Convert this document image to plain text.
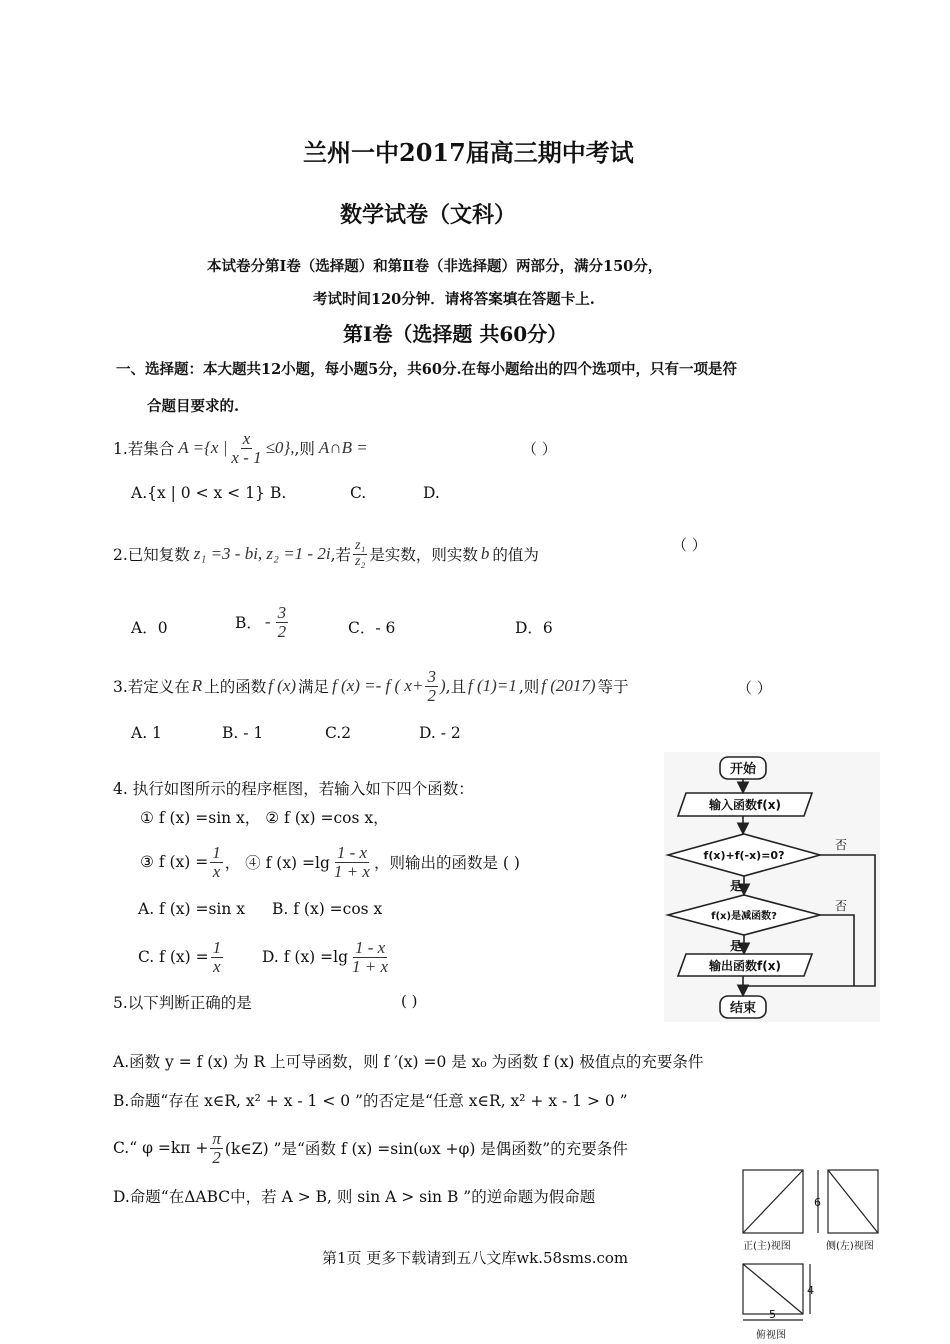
兰州一中2017届高三期中考试
数学试卷（文科）
本试卷分第Ⅰ卷（选择题）和第Ⅱ卷（非选择题）两部分，满分150分，
考试时间120分钟．请将答案填在答题卡上.
第Ⅰ卷（选择题 共60分）
一、选择题：本大题共12小题，每小题5分，共60分.在每小题给出的四个选项中，只有一项是符
合题目要求的.
1.若集合 A ={x | $\frac{x}{x - 1} \le 0$}, ,则 A∩B =	（ ）
A.{x | 0 < x < 1} B.	C.	D.
2.已知复数 z₁ =3 - bi, z₂ =1 - 2i ,若 $\frac{\text{z₁}}{\text{z₂}}$ 是实数，则实数 b 的值为
（ ）
A．0	B． - $\frac{3}{2}$	C．- 6	D．6
3.若定义在 R 上的函数 f (x) 满足 f (x) =- f ( $x+ \frac{3}{2}$ ) ,且 f (1)=1 ,则 f (2017) 等于	（ ）
A. 1	B. - 1	C.2	D. - 2
4. 执行如图所示的程序框图，若输入如下四个函数：
① f (x) =sin x， ② f (x) =cos x，
③ f $(x) = \frac{1}{x}$ ， ④ f $(x) =\lg \frac{1 - x}{1 + x}$ ，则输出的函数是 ( )
A. f (x) =sin x B. f (x) =cos x
C. f $(x) = \frac{1}{x}$	D. f $(x) =\lg \frac{1 - x}{1 + x}$
开始
输入函数f(x)
f(x)+f(-x)=0?
是
否
f(x)是减函数?
否
是
输出函数f(x)
结束
5.以下判断正确的是	( )
A.函数 y = f (x) 为 R 上可导函数，则 f ′(x) =0 是 x₀ 为函数 f (x) 极值点的充要条件
B.命题“存在 x∈R, x² + x - 1 < 0 ”的否定是“任意 x∈R, x² + x - 1 > 0 ”
C.“ $\varphi =k\pi + \frac{\pi}{2}$ (k∈Z) ”是“函数 f (x) =sin(ωx +φ) 是偶函数”的充要条件
D.命题“在ΔABC中，若 A > B, 则 sin A > sin B ”的逆命题为假命题	6
正(主)视图	侧(左)视图
4
5
俯视图
第1页 更多下载请到五八文库wk.58sms.com
